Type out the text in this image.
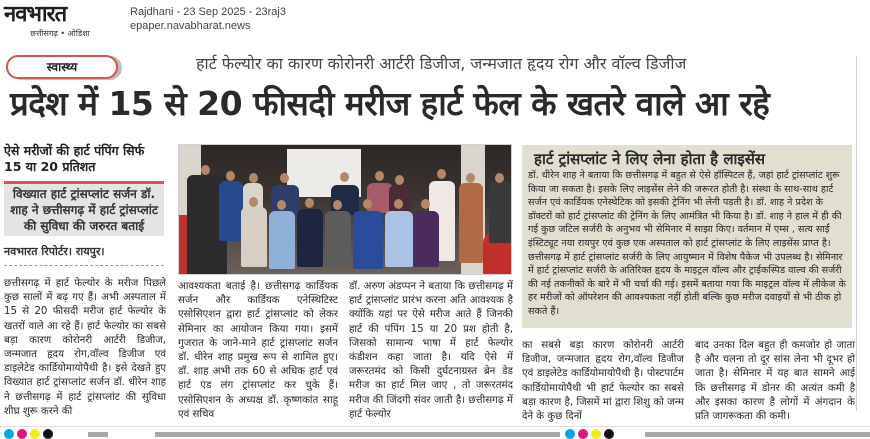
नवभारत
छत्तीसगढ़ • ओडिशा
Rajdhani - 23 Sep 2025 - 23raj3
epaper.navabharat.news
स्वास्थ्य	हार्ट फेल्योर का कारण कोरोनरी आर्टरी डिजीज, जन्मजात हृदय रोग और वॉल्व डिजीज
प्रदेश में 15 से 20 फीसदी मरीज हार्ट फेल के खतरे वाले आ रहे
ऐसे मरीजों की हार्ट पंपिंग सिर्फ 15 या 20 प्रतिशत
विख्यात हार्ट ट्रांसप्लांट सर्जन डॉ. शाह ने छत्तीसगढ़ में हार्ट ट्रांसप्लांट की सुविधा की जरुरत बताई
नवभारत रिपोर्टर। रायपुर।
छत्तीसगढ़ में हार्ट फेल्योर के मरीज पिछले कुछ सालों में बढ़ गए हैं। अभी अस्पताल में 15 से 20 फीसदी मरीज हार्ट फेल्योर के खतरों वाले आ रहे हैं। हार्ट फेल्योर का सबसे बड़ा कारण कोरोनरी आर्टरी डिजीज, जन्मजात हृदय रोग,वॉल्व डिजीज एवं डाइलेटेड कार्डियोमायोपैथी है। इसे देखते हुए विख्यात हार्ट ट्रांसप्लांट सर्जन डॉ. धीरेन शाह ने छत्तीसगढ़ में हार्ट ट्रांसप्लांट की सुविधा शीघ्र शुरू करने की
आवश्यकता बताई है। छत्तीसगढ़ कार्डियक सर्जन और कार्डियक एनेस्थिटिस्ट एसोसिएशन द्वारा हार्ट ट्रांसप्लांट को लेकर सेमिनार का आयोजन किया गया। इसमें गुजरात के जाने-माने हार्ट ट्रांसप्लांट सर्जन डॉ. धीरेन शाह प्रमुख रूप से शामिल हुए। डॉ. शाह अभी तक 60 से अधिक हार्ट एवं हार्ट एंड लंग ट्रांसप्लांट कर चुके हैं। एसोसिएशन के अध्यक्ष डॉ. कृष्णकांत साहू एवं सचिव
डॉ. अरुण अंडप्पन ने बताया कि छत्तीसगढ़ में हार्ट ट्रांसप्लांट प्रारंभ करना अति आवश्यक है क्योंकि यहां पर ऐसे मरीज आते हैं जिनकी हार्ट की पंपिंग 15 या 20 प्रश होती है, जिसको सामान्य भाषा में हार्ट फेल्योर कंडीशन कहा जाता है। यदि ऐसे में जरूरतमंद को किसी दुर्घटनाग्रस्त ब्रेन डेड मरीज का हार्ट मिल जाए , तो जरूरतमंद मरीज की जिंदगी संवर जाती है। छत्तीसगढ़ में हार्ट फेल्योर
का सबसे बड़ा कारण कोरोनरी आर्टरी डिजीज, जन्मजात हृदय रोग,वॉल्व डिजीज एवं डाइलेटेड कार्डियोमायोपैथी है। पोस्टपार्टम कार्डियोमायोपैथी भी हार्ट फेल्योर का सबसे बड़ा कारण है, जिसमें मां द्वारा शिशु को जन्म देने के कुछ दिनों
बाद उनका दिल बहुत ही कमजोर हो जाता है और चलना तो दूर सांस लेना भी दूभर हो जाता है। सेमिनार में यह बात सामने आई कि छत्तीसगढ़ में डोनर की अत्यंत कमी है और इसका कारण है लोगों में अंगदान के प्रति जागरूकता की कमी।
हार्ट ट्रांसप्लांट ने लिए लेना होता है लाइसेंस
डॉ. धीरेन शाह ने बताया कि छत्तीसगढ़ में बहुत से ऐसे हॉस्पिटल हैं, जहां हार्ट ट्रांसप्लांट शुरू किया जा सकता है। इसके लिए लाइसेंस लेने की जरूरत होती है। संस्था के साथ-साथ हार्ट सर्जन एवं कार्डियक एनेस्थेटिक को इसकी ट्रेनिंग भी लेनी पड़ती है। डॉ. शाह ने प्रदेश के डॉक्टरों को हार्ट ट्रांसप्लांट की ट्रेनिंग के लिए आमंत्रित भी किया है। डॉ. शाह ने हाल में ही की गई कुछ जटिल सर्जरी के अनुभव भी सेमिनार में साझा किए। वर्तमान में एम्स , सत्य साईं इंस्टिट्यूट नया रायपुर एवं कुछ एक अस्पताल को हार्ट ट्रांसप्लांट के लिए लाइसेंस प्राप्त है। छत्तीसगढ़ में हार्ट ट्रांसप्लांट सर्जरी के लिए आयुष्मान में विशेष पैकेज भी उपलब्ध है। सेमिनार में हार्ट ट्रांसप्लांट सर्जरी के अतिरिक्त हृदय के माइट्रल वॉल्व और ट्राईकस्पिड वाल्व की सर्जरी की नई तकनीकों के बारे में भी चर्चा की गई। इसमें बताया गया कि माइट्रल वॉल्व में लीकेज के हर मरीजों को ऑपरेशन की आवश्यकता नहीं होती बल्कि कुछ मरीज दवाइयों से भी ठीक हो सकते हैं।
